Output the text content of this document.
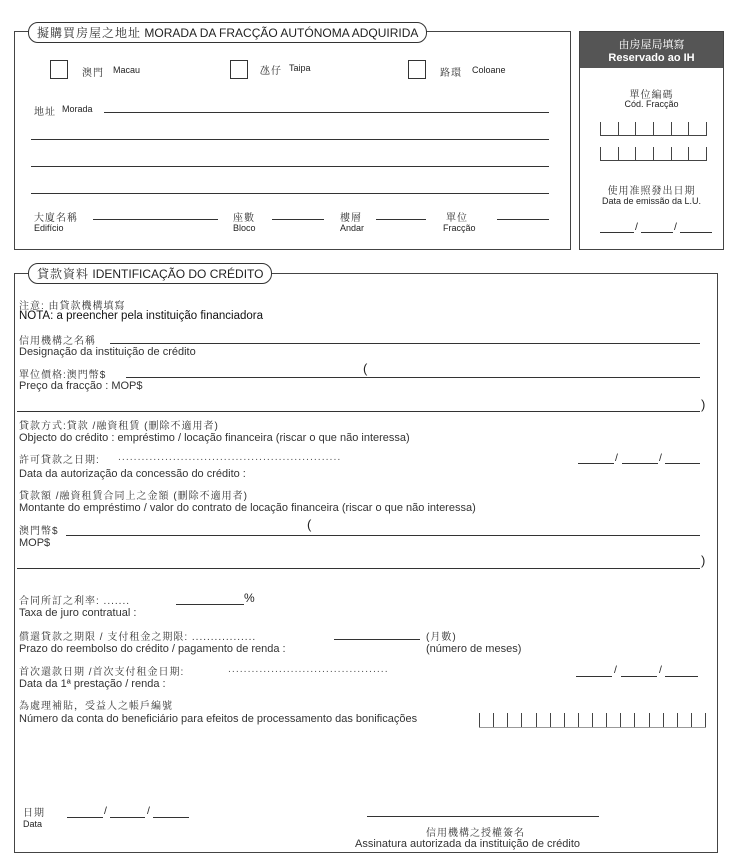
擬購買房屋之地址 MORADA DA FRACÇÃO AUTÓNOMA ADQUIRIDA
澳門 Macau	氹仔 Taipa	路環 Coloane
地址 Morada
大廈名稱
Edifício
座數
Bloco
樓層
Andar
單位
Fracção
由房屋局填寫
Reservado ao IH
單位編碼
Cód. Fracção
使用准照發出日期
Data de emissão da L.U.
/	/
貸款資料 IDENTIFICAÇÃO DO CRÉDITO
注意: 由貸款機構填寫
NOTA: a preencher pela instituição financiadora
信用機構之名稱
Designação da instituição de crédito
單位價格:澳門幣$	(
Preço da fracção : MOP$
)
貸款方式:貸款 /融資租賃 (刪除不適用者)
Objecto do crédito : empréstimo / locação financeira (riscar o que não interessa)
許可貸款之日期: .........................................................	/	/
Data da autorização da concessão do crédito :
貸款額 /融資租賃合同上之金額 (刪除不適用者)
Montante do empréstimo / valor do contrato de locação financeira (riscar o que não interessa)
澳門幣$	(
MOP$
)
合同所訂之利率: .......	%
Taxa de juro contratual :
償還貸款之期限 / 支付租金之期限: .................	(月數)
Prazo do reembolso do crédito / pagamento de renda :	(número de meses)
首次還款日期 /首次支付租金日期:	.........................................	/	/
Data da 1ª prestação / renda :
為處理補貼，受益人之帳戶編號
Número da conta do beneficiário para efeitos de processamento das bonificações
日期
Data
/	/
信用機構之授權簽名
Assinatura autorizada da instituição de crédito
